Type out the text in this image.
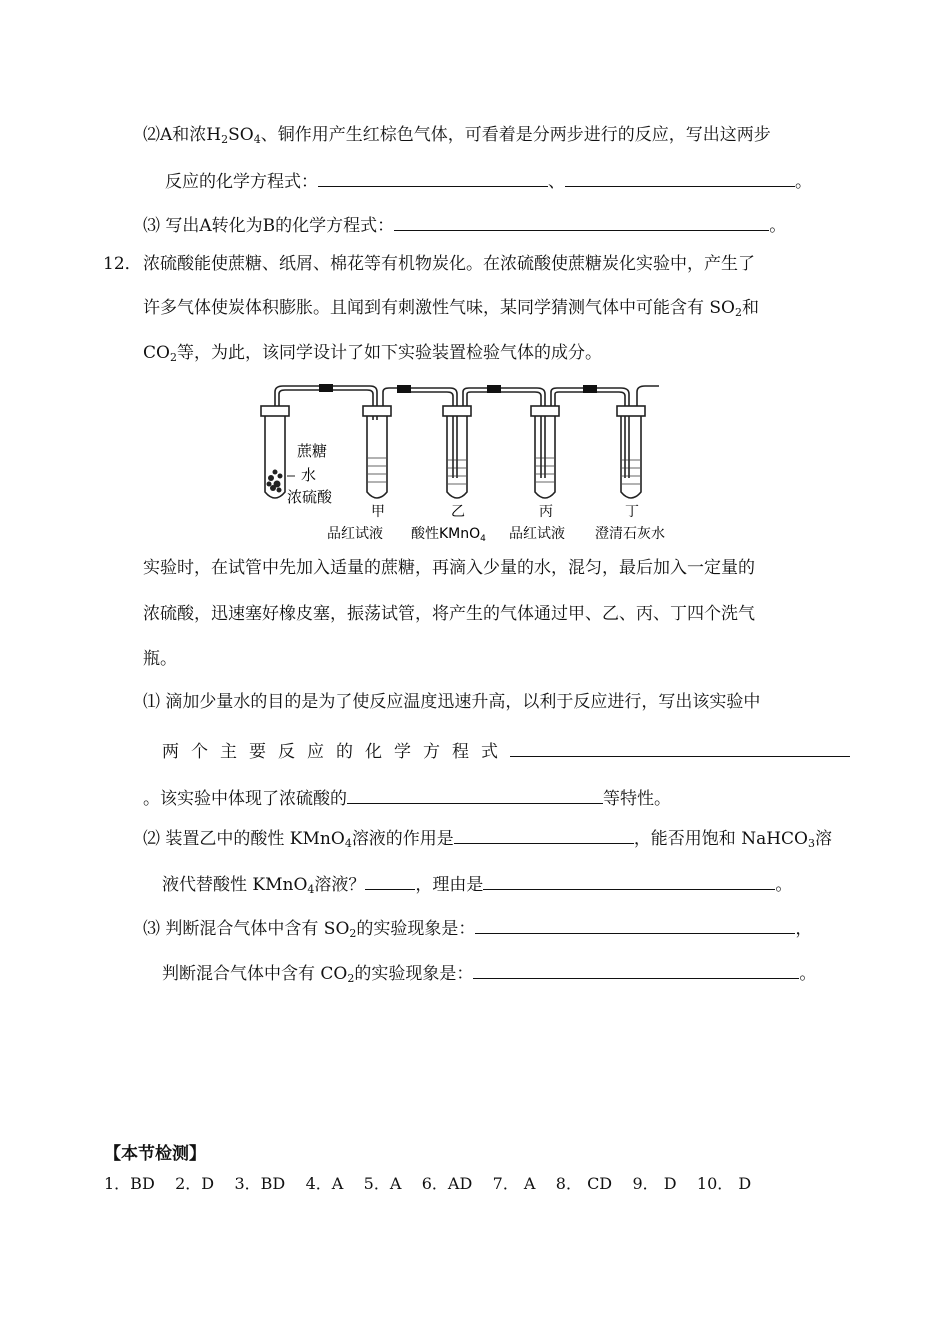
⑵A和浓$H_2SO_4$、铜作用产生红棕色气体，可看着是分两步进行的反应，写出这两步
反应的化学方程式：	、	。
⑶ 写出A转化为B的化学方程式：	。
12． 浓硫酸能使蔗糖、纸屑、棉花等有机物炭化。在浓硫酸使蔗糖炭化实验中，产生了
许多气体使炭体积膨胀。且闻到有刺激性气味，某同学猜测气体中可能含有 $SO_2$和
$CO_2$等，为此，该同学设计了如下实验装置检验气体的成分。
蔗糖
水
浓硫酸
甲	乙	丙	丁
品红试液 酸性KMnO$_4$ 品红试液 澄清石灰水
实验时，在试管中先加入适量的蔗糖，再滴入少量的水，混匀，最后加入一定量的
浓硫酸，迅速塞好橡皮塞，振荡试管，将产生的气体通过甲、乙、丙、丁四个洗气
瓶。
⑴ 滴加少量水的目的是为了使反应温度迅速升高，以利于反应进行，写出该实验中
两个主要反应的化学方程式
。该实验中体现了浓硫酸的	等特性。
⑵ 装置乙中的酸性 KMnO$_4$溶液的作用是	，能否用饱和 NaHCO$_3$溶
液代替酸性 KMnO$_4$溶液？	，理由是	。
⑶ 判断混合气体中含有 $SO_2$的实验现象是：	，
判断混合气体中含有 $CO_2$的实验现象是：	。
【本节检测】
1．BD    2．D    3．BD    4．A    5．A    6．AD    7． A    8． CD    9． D    10． D
